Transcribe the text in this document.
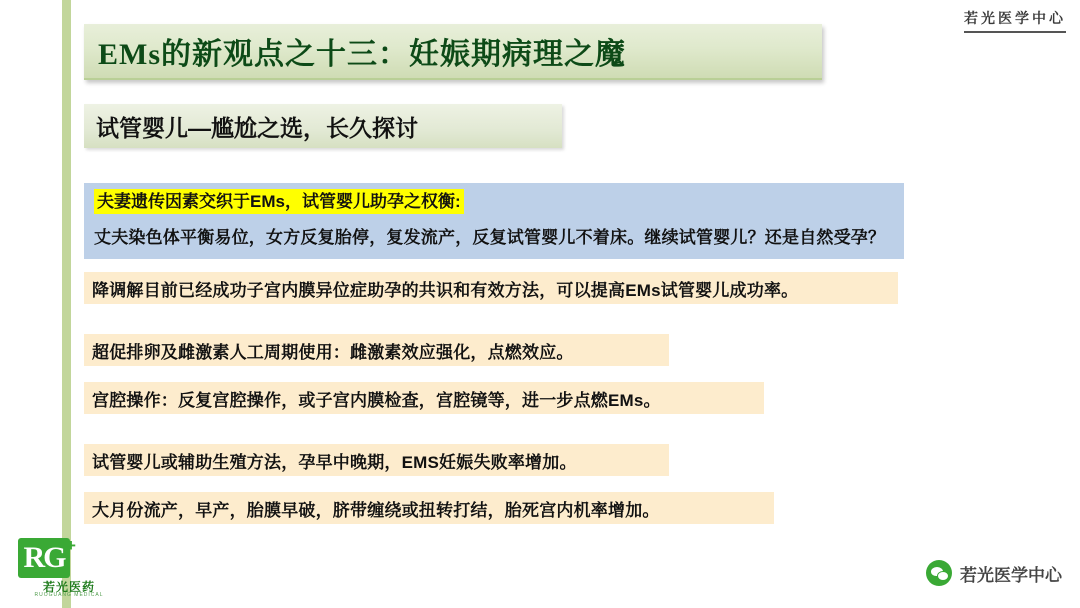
若光医学中心
EMs的新观点之十三：妊娠期病理之魔
试管婴儿—尴尬之选，长久探讨
夫妻遗传因素交织于EMs，试管婴儿助孕之权衡:
丈夫染色体平衡易位，女方反复胎停，复发流产，反复试管婴儿不着床。继续试管婴儿？还是自然受孕？
降调解目前已经成功子宫内膜异位症助孕的共识和有效方法，可以提高EMs试管婴儿成功率。
超促排卵及雌激素人工周期使用：雌激素效应强化，点燃效应。
宫腔操作：反复宫腔操作，或子宫内膜检查，宫腔镜等，进一步点燃EMs。
试管婴儿或辅助生殖方法，孕早中晚期，EMS妊娠失败率增加。
大月份流产，早产，胎膜早破，脐带缠绕或扭转打结，胎死宫内机率增加。
RG +
若光医药
RUOGUANG MEDICAL
若光医学中心
